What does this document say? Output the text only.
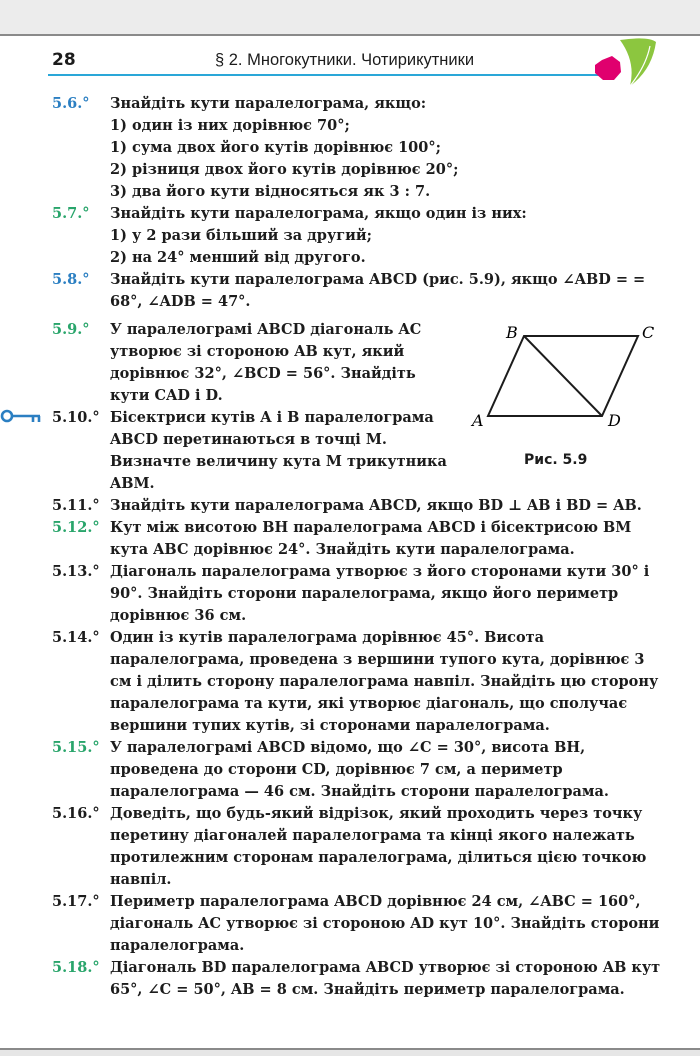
28	§ 2. Многокутники. Чотирикутники
5.6.° Знайдіть кути паралелограма, якщо:
1) один із них дорівнює 70°;
1) сума двох його кутів дорівнює 100°;
2) різниця двох його кутів дорівнює 20°;
3) два його кути відносяться як 3 : 7.
5.7.° Знайдіть кути паралелограма, якщо один із них:
1) у 2 рази більший за другий;
2) на 24° менший від другого.
5.8.° Знайдіть кути паралелограма ABCD (рис. 5.9), якщо ∠ABD = = 68°, ∠ADB = 47°.
5.9.° У паралелограмі ABCD діагональ AC утворює зі стороною AB кут, який дорівнює 32°, ∠BCD = 56°. Знайдіть кути CAD і D.
5.10.° Бісектриси кутів A і B паралелограма ABCD перетинаються в точці M. Визначте величину кута M трикутника ABM.
5.11.° Знайдіть кути паралелограма ABCD, якщо BD ⊥ AB і BD = AB.
5.12.° Кут між висотою BH паралелограма ABCD і бісектрисою BM кута ABC дорівнює 24°. Знайдіть кути паралелограма.
5.13.° Діагональ паралелограма утворює з його сторонами кути 30° і 90°. Знайдіть сторони паралелограма, якщо його периметр дорівнює 36 см.
5.14.° Один із кутів паралелограма дорівнює 45°. Висота паралелограма, проведена з вершини тупого кута, дорівнює 3 см і ділить сторону паралелограма навпіл. Знайдіть цю сторону паралелограма та кути, які утворює діагональ, що сполучає вершини тупих кутів, зі сторонами паралелограма.
5.15.° У паралелограмі ABCD відомо, що ∠C = 30°, висота BH, проведена до сторони CD, дорівнює 7 см, а периметр паралелограма — 46 см. Знайдіть сторони паралелограма.
5.16.° Доведіть, що будь-який відрізок, який проходить через точку перетину діагоналей паралелограма та кінці якого належать протилежним сторонам паралелограма, ділиться цією точкою навпіл.
5.17.° Периметр паралелограма ABCD дорівнює 24 см, ∠ABC = 160°, діагональ AC утворює зі стороною AD кут 10°. Знайдіть сторони паралелограма.
5.18.° Діагональ BD паралелограма ABCD утворює зі стороною AB кут 65°, ∠C = 50°, AB = 8 см. Знайдіть периметр паралелограма.
B	C
A	D
Рис. 5.9
